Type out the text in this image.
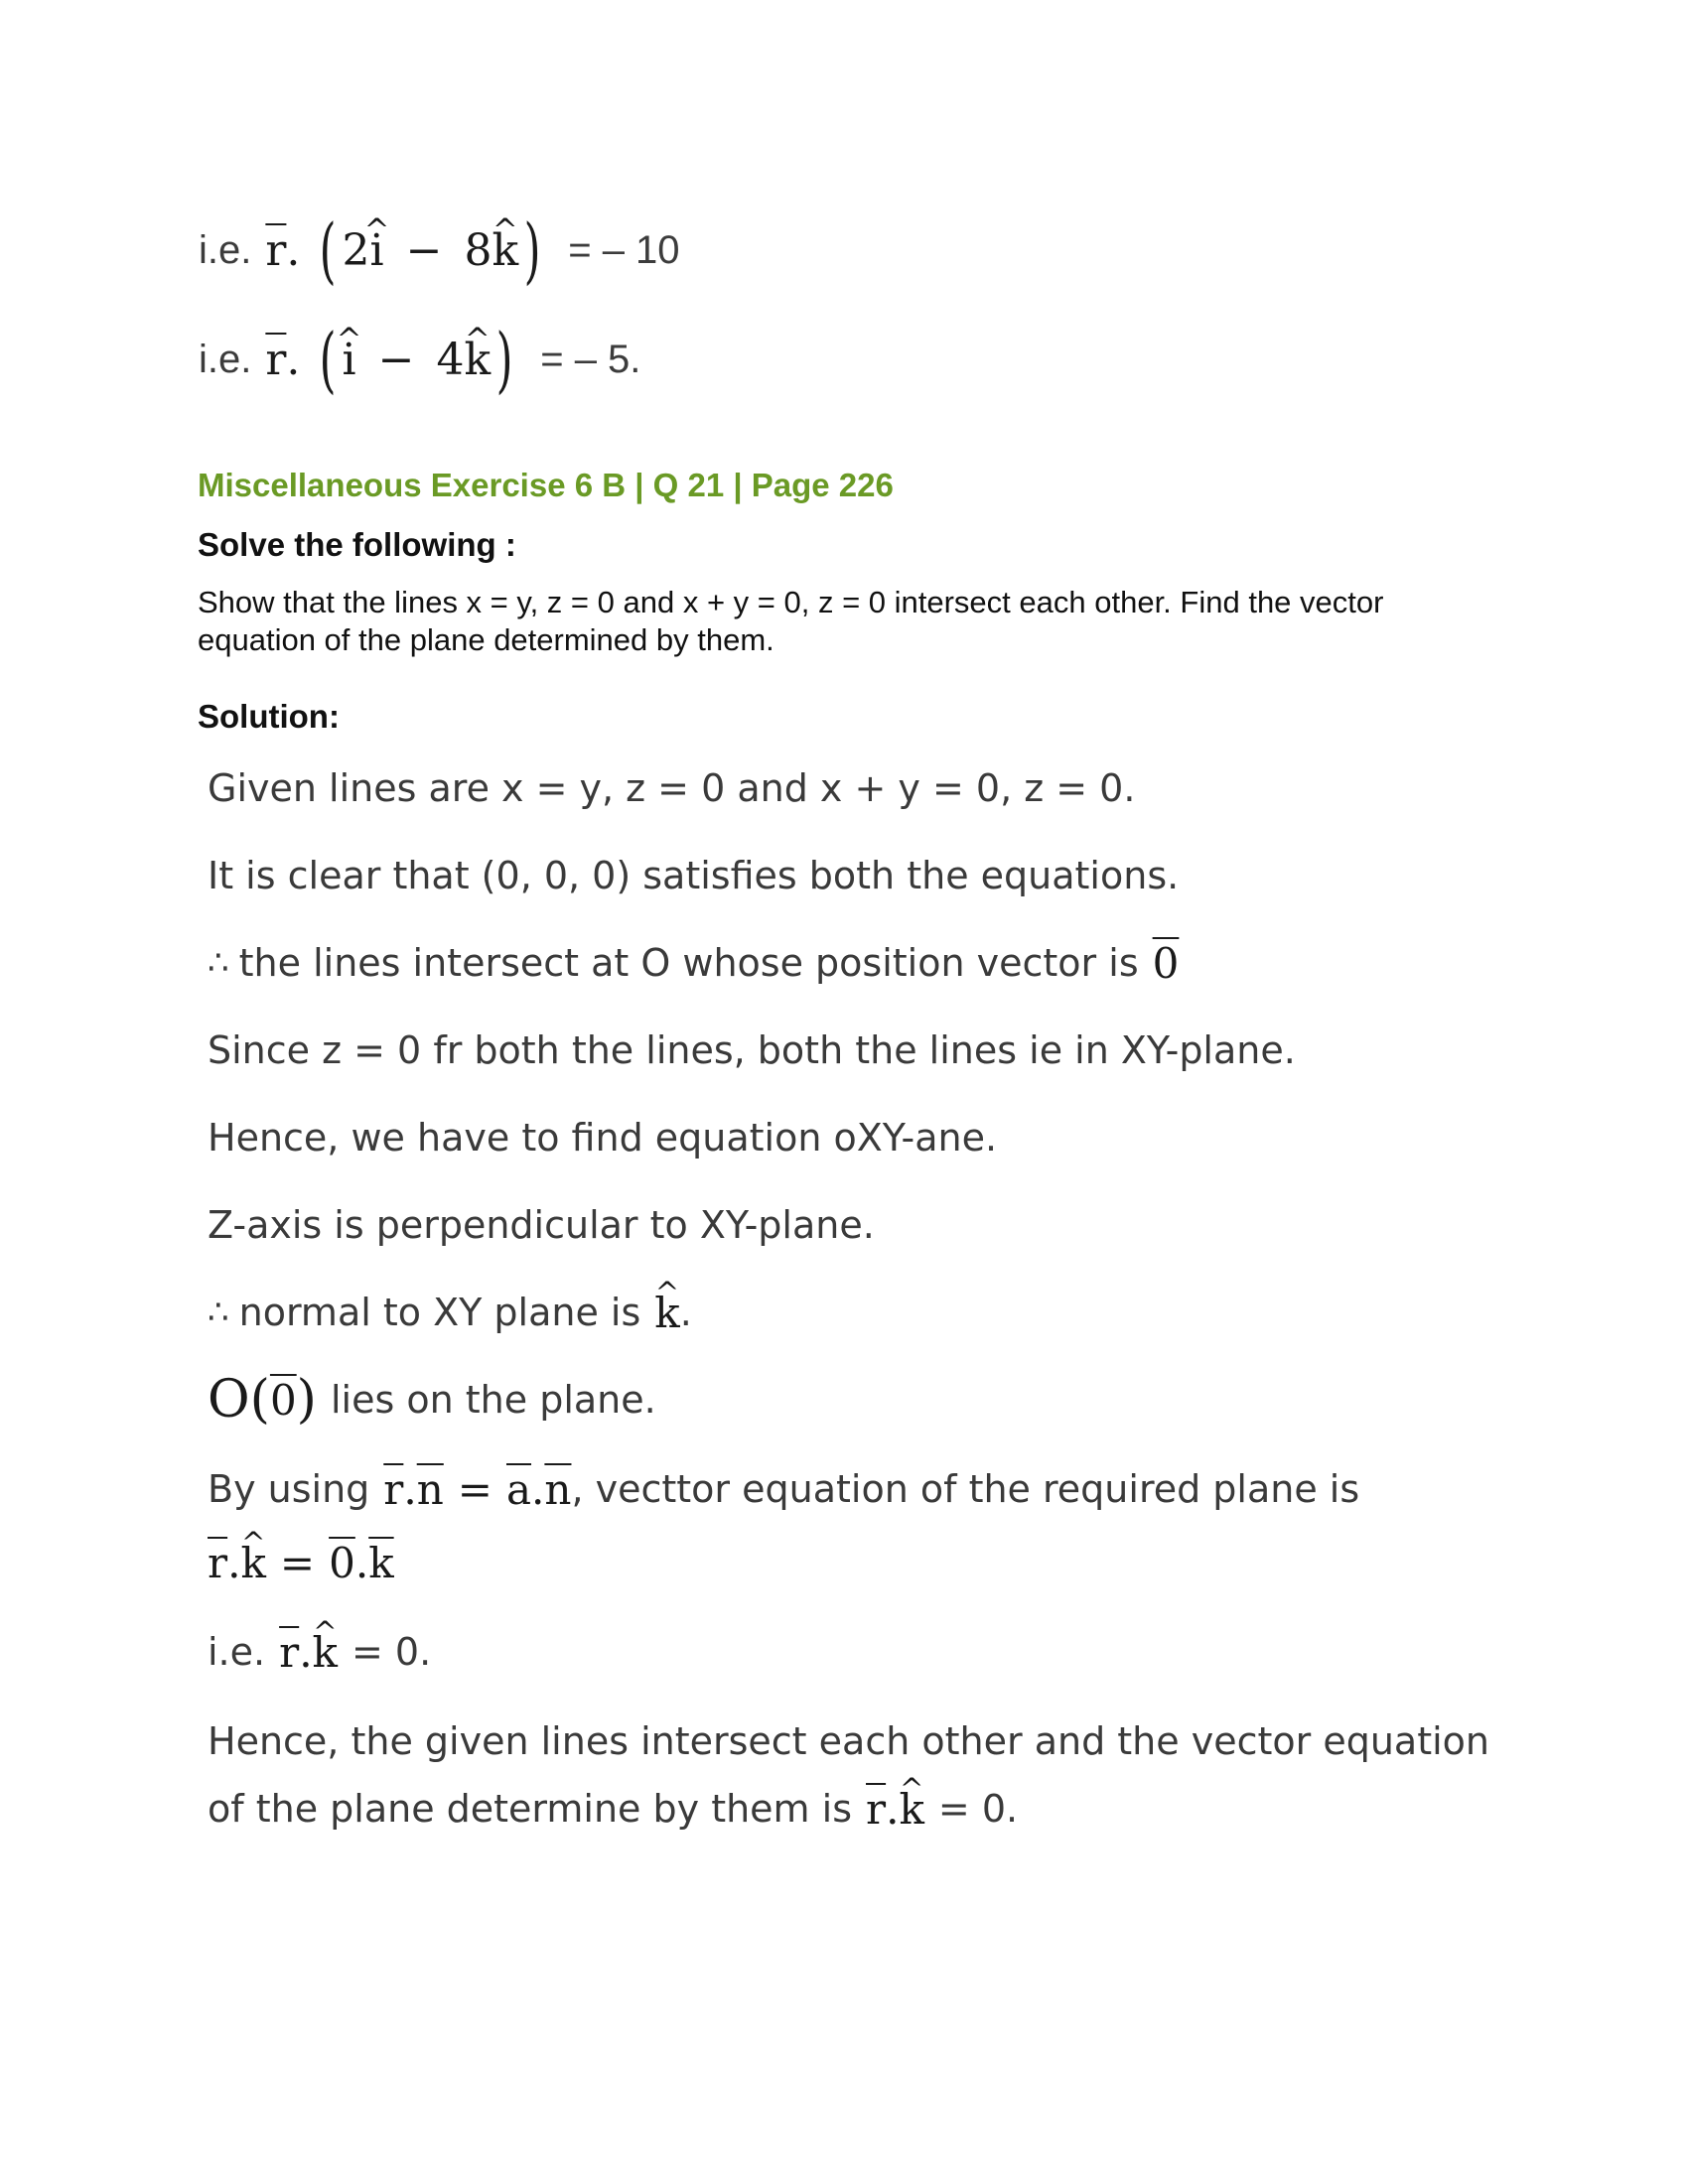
i.e. $\overline{r}$ . ( 2 i ^ − 8 k ^ ) = – 10
i.e. $\overline{r}$ . ( i ^ − 4 k ^ ) = – 5.
Miscellaneous Exercise 6 B | Q 21 | Page 226
Solve the following :
Show that the lines x = y, z = 0 and x + y = 0, z = 0 intersect each other. Find the vector equation of the plane determined by them.
Solution:
Given lines are x = y, z = 0 and x + y = 0, z = 0.
It is clear that (0, 0, 0) satisfies both the equations.
∴ the lines intersect at O whose position vector is 0
Since z = 0 fr both the lines, both the lines ie in XY-plane.
Hence, we have to find equation oXY-ane.
Z-axis is perpendicular to XY-plane.
∴ normal to XY plane is k ^ .
O ( 0 ) lies on the plane.
By using $\overline{r}$ . $\overline{n} = \overline{a}$ . $\overline{n}$ , vecttor equation of the required plane is
$\overline{r}$ . k ^ = 0 . $\overline{k}$
i.e. $\overline{r}$ . k ^ = 0.
Hence, the given lines intersect each other and the vector equation
of the plane determine by them is $\overline{r}$ . k ^ = 0.
